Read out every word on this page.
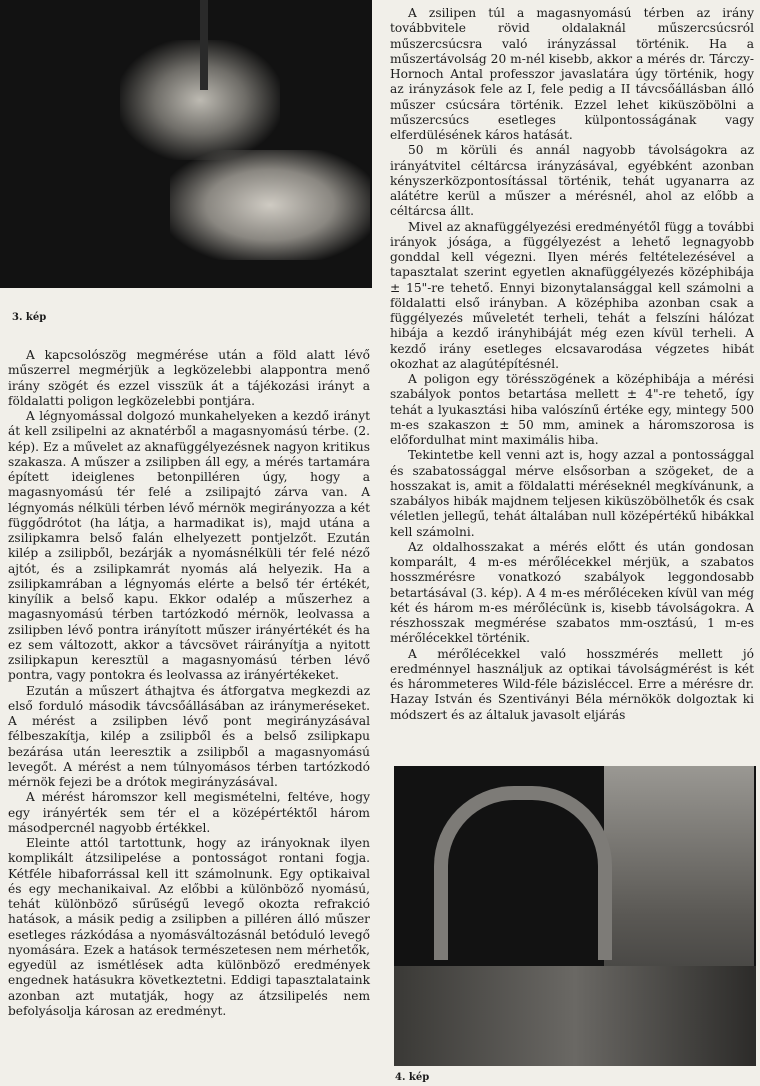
3. kép

A kapcsolószög megmérése után a föld alatt lévő műszerrel megmérjük a legközelebbi alappontra menő irány szögét és ezzel visszük át a tájékozási irányt a földalatti poligon legközelebbi pontjára.

A légnyomással dolgozó munkahelyeken a kezdő irányt át kell zsilipelni az aknatérből a magasnyomású térbe. (2. kép). Ez a művelet az aknafüggélyezésnek nagyon kritikus szakasza. A műszer a zsilipben áll egy, a mérés tartamára épített ideiglenes betonpilléren úgy, hogy a magasnyomású tér felé a zsilipajtó zárva van. A légnyomás nélküli térben lévő mérnök megirányozza a két függődrótot (ha látja, a harmadikat is), majd utána a zsilipkamra belső falán elhelyezett pontjelzőt. Ezután kilép a zsilipből, bezárják a nyomásnélküli tér felé néző ajtót, és a zsilipkamrát nyomás alá helyezik. Ha a zsilipkamrában a légnyomás elérte a belső tér értékét, kinyílik a belső kapu. Ekkor odalép a műszerhez a magasnyomású térben tartózkodó mérnök, leolvassa a zsilipben lévő pontra irányított műszer irányértékét és ha ez sem változott, akkor a távcsövet ráirányítja a nyitott zsilipkapun keresztül a magasnyomású térben lévő pontra, vagy pontokra és leolvassa az irányértékeket.

Ezután a műszert áthajtva és átforgatva megkezdi az első forduló második távcsőállásában az iránymeréseket. A mérést a zsilipben lévő pont megirányzásával félbeszakítja, kilép a zsilipből és a belső zsilipkapu bezárása után leeresztik a zsilipből a magasnyomású levegőt. A mérést a nem túlnyomásos térben tartózkodó mérnök fejezi be a drótok megirányzásával.

A mérést háromszor kell megismételni, feltéve, hogy egy irányérték sem tér el a középértéktől három másodpercnél nagyobb értékkel.

Eleinte attól tartottunk, hogy az irányoknak ilyen komplikált átzsilipelése a pontosságot rontani fogja. Kétféle hibaforrással kell itt számolnunk. Egy optikaival és egy mechanikaival. Az előbbi a különböző nyomású, tehát különböző sűrűségű levegő okozta refrakció hatások, a másik pedig a zsilipben a pilléren álló műszer esetleges rázkódása a nyomásváltozásnál betóduló levegő nyomására. Ezek a hatások természetesen nem mérhetők, egyedül az ismétlések adta különböző eredmények engednek hatásukra következtetni. Eddigi tapasztalataink azonban azt mutatják, hogy az átzsilipelés nem befolyásolja károsan az eredményt.

A zsilipen túl a magasnyomású térben az irány továbbvitele rövid oldalaknál műszercsúcsról műszercsúcsra való irányzással történik. Ha a műszertávolság 20 m-nél kisebb, akkor a mérés dr. Tárczy-Hornoch Antal professzor javaslatára úgy történik, hogy az irányzások fele az I, fele pedig a II távcsőállásban álló műszer csúcsára történik. Ezzel lehet kiküszöbölni a műszercsúcs esetleges külpontosságának vagy elferdülésének káros hatását.

50 m körüli és annál nagyobb távolságokra az irányátvitel céltárcsa irányzásával, egyébként azonban kényszerközpontosítással történik, tehát ugyanarra az alátétre kerül a műszer a mérésnél, ahol az előbb a céltárcsa állt.

Mivel az aknafüggélyezési eredményétől függ a további irányok jósága, a függélyezést a lehető legnagyobb gonddal kell végezni. Ilyen mérés feltételezésével a tapasztalat szerint egyetlen aknafüggélyezés középhibája ± 15"-re tehető. Ennyi bizonytalansággal kell számolni a földalatti első irányban. A középhiba azonban csak a függélyezés műveletét terheli, tehát a felszíni hálózat hibája a kezdő irányhibáját még ezen kívül terheli. A kezdő irány esetleges elcsavarodása végzetes hibát okozhat az alagútépítésnél.

A poligon egy törésszögének a középhibája a mérési szabályok pontos betartása mellett ± 4"-re tehető, így tehát a lyukasztási hiba valószínű értéke egy, mintegy 500 m-es szakaszon ± 50 mm, aminek a háromszorosa is előfordulhat mint maximális hiba.

Tekintetbe kell venni azt is, hogy azzal a pontossággal és szabatossággal mérve elsősorban a szögeket, de a hosszakat is, amit a földalatti méréseknél megkívánunk, a szabályos hibák majdnem teljesen kiküszöbölhetők és csak véletlen jellegű, tehát általában null középértékű hibákkal kell számolni.

Az oldalhosszakat a mérés előtt és után gondosan komparált, 4 m-es mérőlécekkel mérjük, a szabatos hosszmérésre vonatkozó szabályok leggondosabb betartásával (3. kép). A 4 m-es mérőléceken kívül van még két és három m-es mérőlécünk is, kisebb távolságokra. A részhosszak megmérése szabatos mm-osztású, 1 m-es mérőlécekkel történik.

A mérőlécekkel való hosszmérés mellett jó eredménnyel használjuk az optikai távolságmérést is két és hárommeteres Wild-féle bázisléccel. Erre a mérésre dr. Hazay István és Szentiványi Béla mérnökök dolgoztak ki módszert és az általuk javasolt eljárás

4. kép
